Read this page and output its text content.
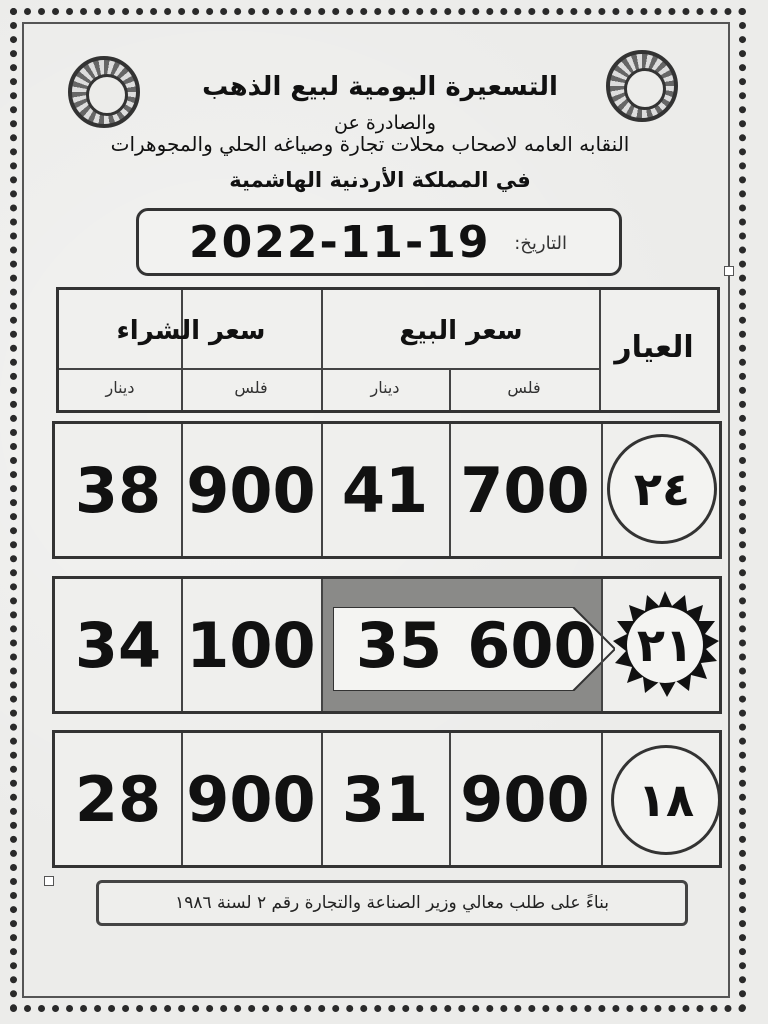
التسعيرة اليومية لبيع الذهب
والصادرة عن
النقابه العامه لاصحاب محلات تجارة وصياغه الحلي والمجوهرات
في المملكة الأردنية الهاشمية
2022-11-19 التاريخ:
العيار
سعر البيع
سعر الشراء
فلس
دينار
فلس
دينار
38 900 41 700 ٢٤
34 100 35 600 ٢١
28 900 31 900	١٨
بناءً على طلب معالي وزير الصناعة والتجارة رقم ٢ لسنة ١٩٨٦
